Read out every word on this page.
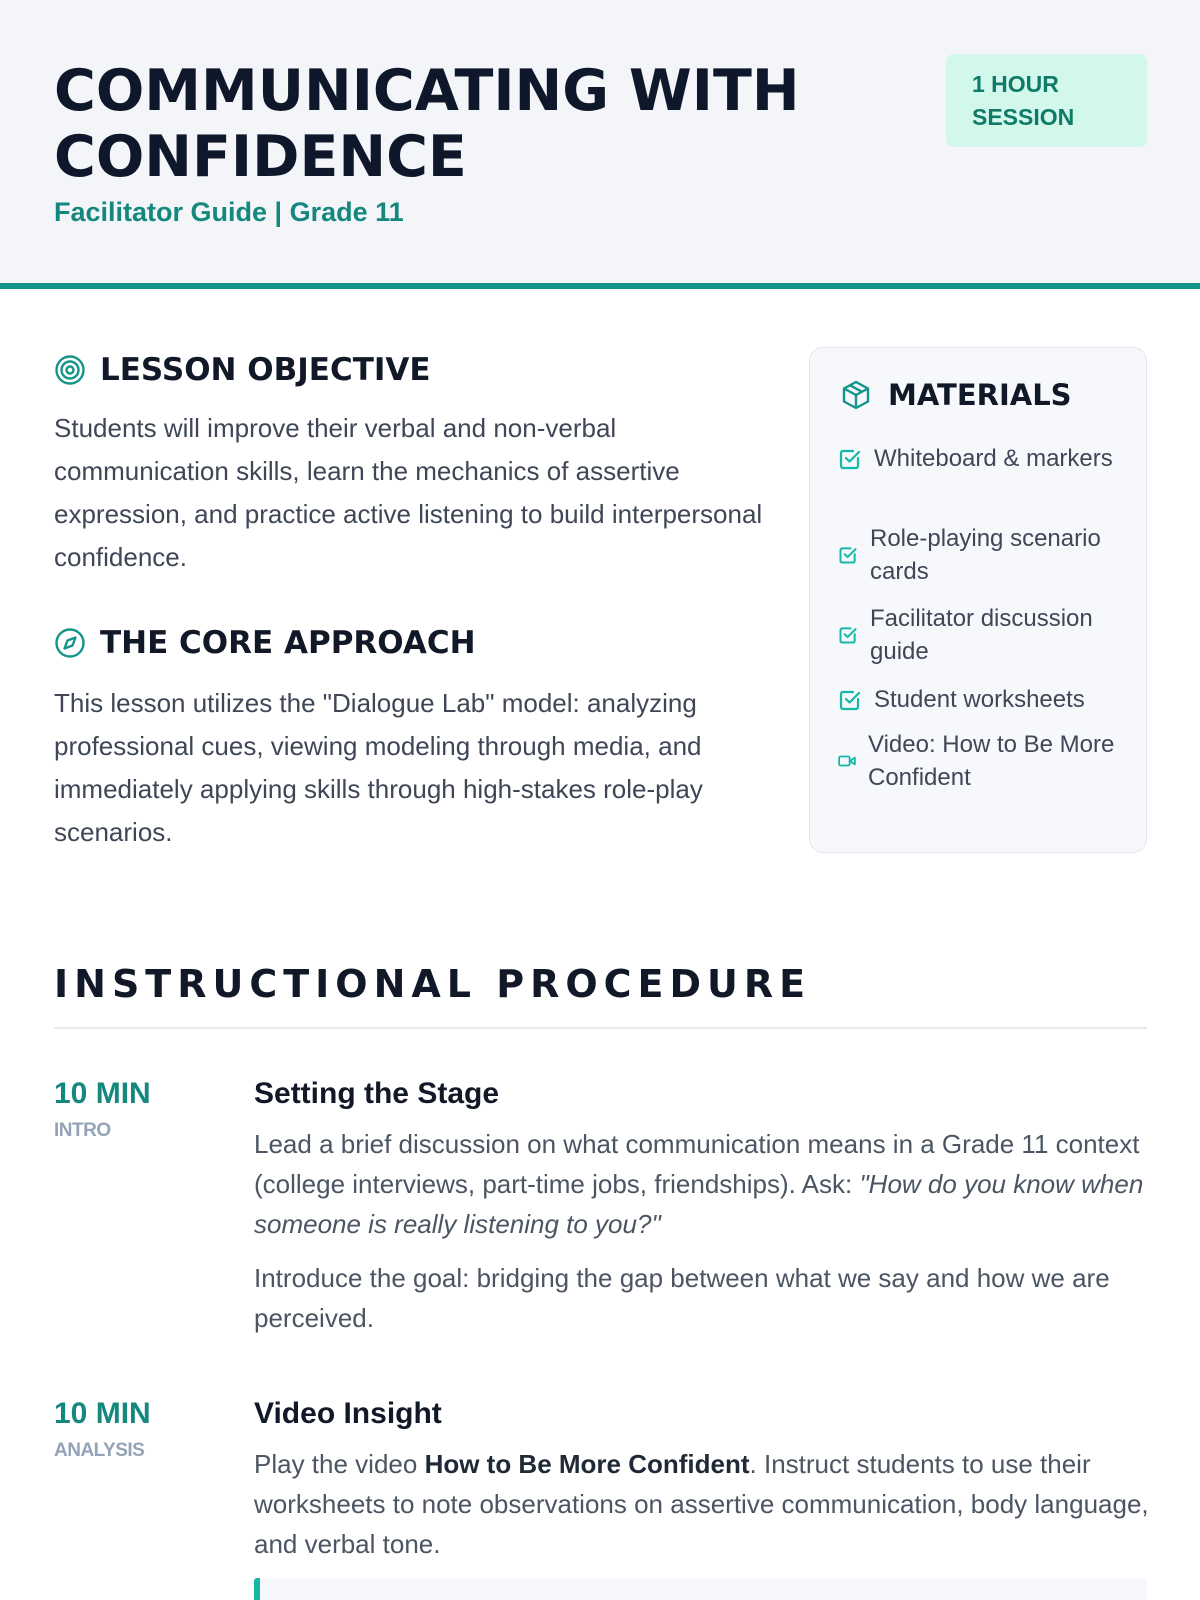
COMMUNICATING WITH CONFIDENCE
Facilitator Guide | Grade 11
1 HOUR SESSION
LESSON OBJECTIVE
Students will improve their verbal and non-verbal communication skills, learn the mechanics of assertive expression, and practice active listening to build interpersonal confidence.
THE CORE APPROACH
This lesson utilizes the "Dialogue Lab" model: analyzing professional cues, viewing modeling through media, and immediately applying skills through high-stakes role-play scenarios.
MATERIALS
Whiteboard & markers
Role-playing scenario cards
Facilitator discussion guide
Student worksheets
Video: How to Be More Confident
INSTRUCTIONAL PROCEDURE
10 MIN
INTRO
Setting the Stage
Lead a brief discussion on what communication means in a Grade 11 context (college interviews, part-time jobs, friendships). Ask: "How do you know when someone is really listening to you?"
Introduce the goal: bridging the gap between what we say and how we are perceived.
10 MIN
ANALYSIS
Video Insight
Play the video How to Be More Confident. Instruct students to use their worksheets to note observations on assertive communication, body language, and verbal tone.
